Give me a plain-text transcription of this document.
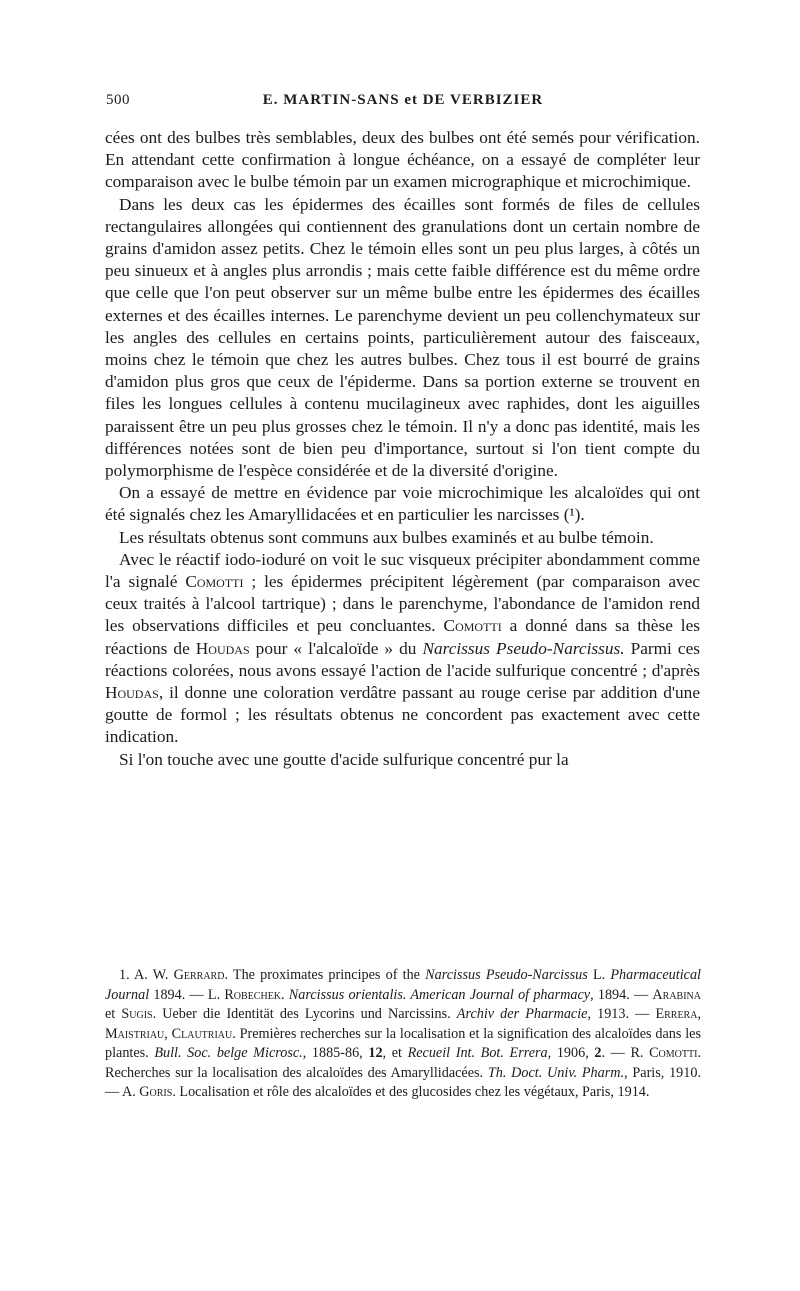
500	E. MARTIN-SANS et DE VERBIZIER

cées ont des bulbes très semblables, deux des bulbes ont été semés pour vérification. En attendant cette confirmation à longue échéance, on a essayé de compléter leur comparaison avec le bulbe témoin par un examen micrographique et microchimique.

Dans les deux cas les épidermes des écailles sont formés de files de cellules rectangulaires allongées qui contiennent des granulations dont un certain nombre de grains d'amidon assez petits. Chez le témoin elles sont un peu plus larges, à côtés un peu sinueux et à angles plus arrondis ; mais cette faible différence est du même ordre que celle que l'on peut observer sur un même bulbe entre les épidermes des écailles externes et des écailles internes. Le parenchyme devient un peu collenchymateux sur les angles des cellules en certains points, particulièrement autour des faisceaux, moins chez le témoin que chez les autres bulbes. Chez tous il est bourré de grains d'amidon plus gros que ceux de l'épiderme. Dans sa portion externe se trouvent en files les longues cellules à contenu mucilagineux avec raphides, dont les aiguilles paraissent être un peu plus grosses chez le témoin. Il n'y a donc pas identité, mais les différences notées sont de bien peu d'importance, surtout si l'on tient compte du polymorphisme de l'espèce considérée et de la diversité d'origine.

On a essayé de mettre en évidence par voie microchimique les alcaloïdes qui ont été signalés chez les Amaryllidacées et en particulier les narcisses (¹).

Les résultats obtenus sont communs aux bulbes examinés et au bulbe témoin.

Avec le réactif iodo-ioduré on voit le suc visqueux précipiter abondamment comme l'a signalé Comotti ; les épidermes précipitent légèrement (par comparaison avec ceux traités à l'alcool tartrique) ; dans le parenchyme, l'abondance de l'amidon rend les observations difficiles et peu concluantes. Comotti a donné dans sa thèse les réactions de Houdas pour « l'alcaloïde » du Narcissus Pseudo-Narcissus. Parmi ces réactions colorées, nous avons essayé l'action de l'acide sulfurique concentré ; d'après Houdas, il donne une coloration verdâtre passant au rouge cerise par addition d'une goutte de formol ; les résultats obtenus ne concordent pas exactement avec cette indication.

Si l'on touche avec une goutte d'acide sulfurique concentré pur la

1. A. W. Gerrard. The proximates principes of the Narcissus Pseudo-Narcissus L. Pharmaceutical Journal 1894. — L. Robechek. Narcissus orientalis. American Journal of pharmacy, 1894. — Arabina et Sugis. Ueber die Identität des Lycorins und Narcissins. Archiv der Pharmacie, 1913. — Errera, Maistriau, Clautriau. Premières recherches sur la localisation et la signification des alcaloïdes dans les plantes. Bull. Soc. belge Microsc., 1885-86, 12, et Recueil Int. Bot. Errera, 1906, 2. — R. Comotti. Recherches sur la localisation des alcaloïdes des Amaryllidacées. Th. Doct. Univ. Pharm., Paris, 1910. — A. Goris. Localisation et rôle des alcaloïdes et des glucosides chez les végétaux, Paris, 1914.
